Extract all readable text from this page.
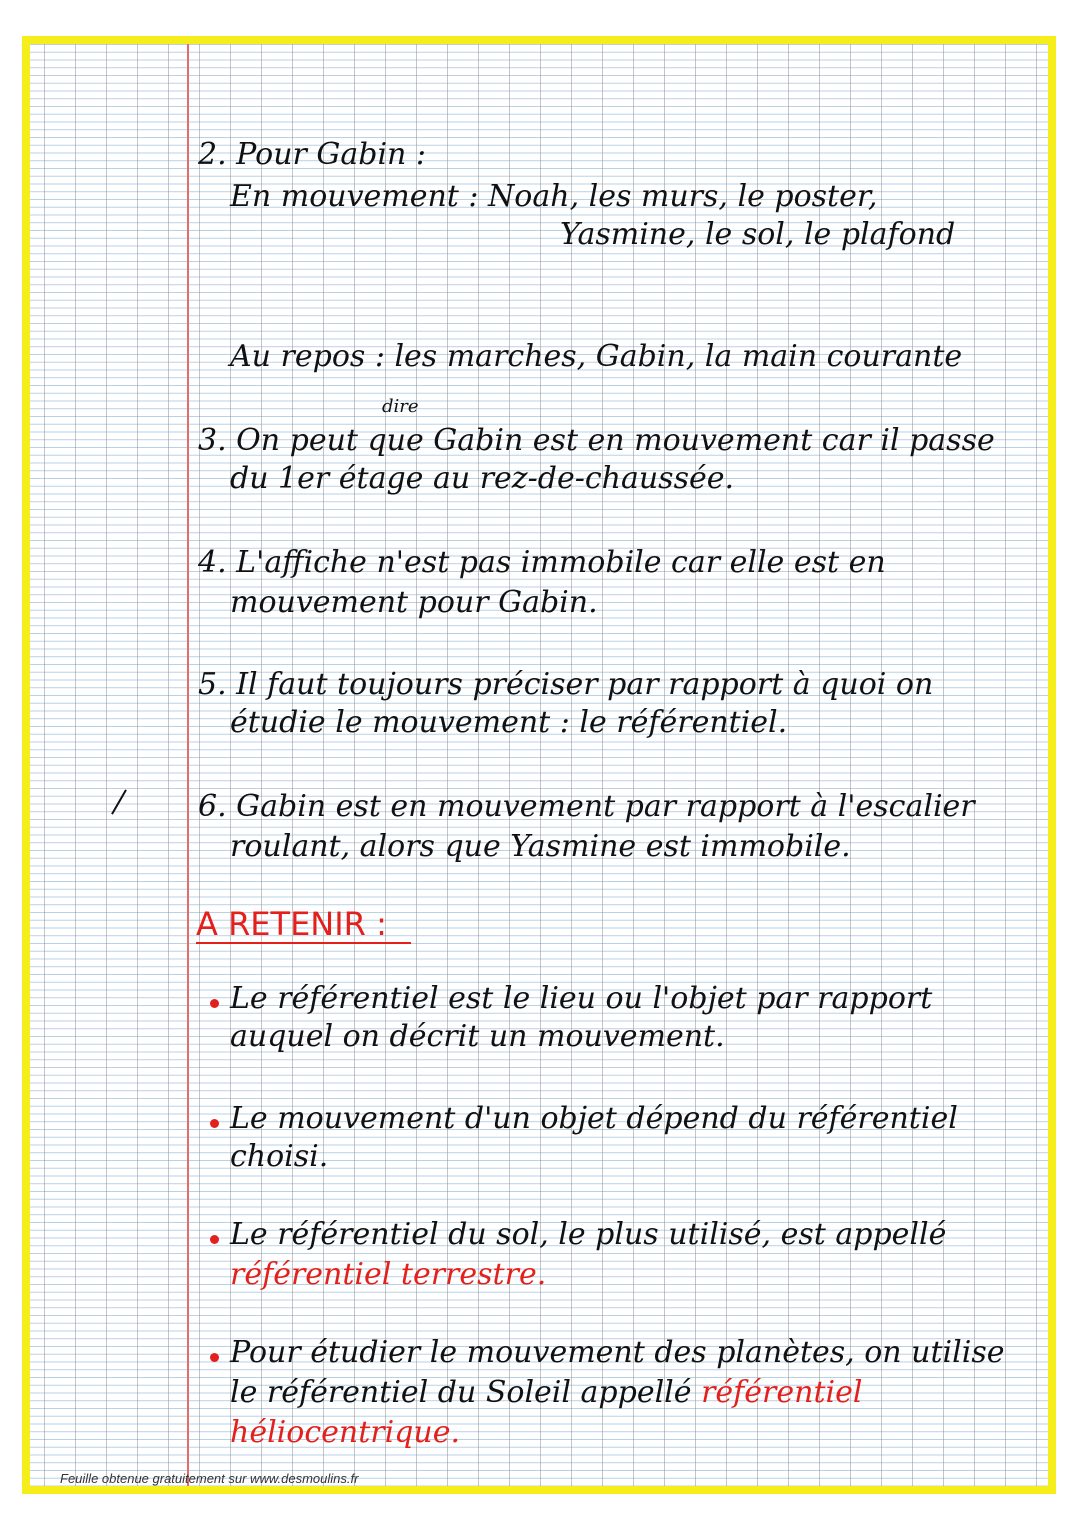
2. Pour Gabin :

En mouvement : Noah, les murs, le poster,

Yasmine, le sol, le plafond

Au repos : les marches, Gabin, la main courante

dire

3. On peut que Gabin est en mouvement car il passe

du 1er étage au rez-de-chaussée.

4. L'affiche n'est pas immobile car elle est en

mouvement pour Gabin.

5. Il faut toujours préciser par rapport à quoi on

étudie le mouvement : le référentiel.

6. Gabin est en mouvement par rapport à l'escalier

roulant, alors que Yasmine est immobile.

A RETENIR :

Le référentiel est le lieu ou l'objet par rapport

auquel on décrit un mouvement.

Le mouvement d'un objet dépend du référentiel

choisi.

Le référentiel du sol, le plus utilisé, est appellé

référentiel terrestre.

Pour étudier le mouvement des planètes, on utilise

le référentiel du Soleil appellé référentiel

héliocentrique.

Feuille obtenue gratuitement sur www.desmoulins.fr
